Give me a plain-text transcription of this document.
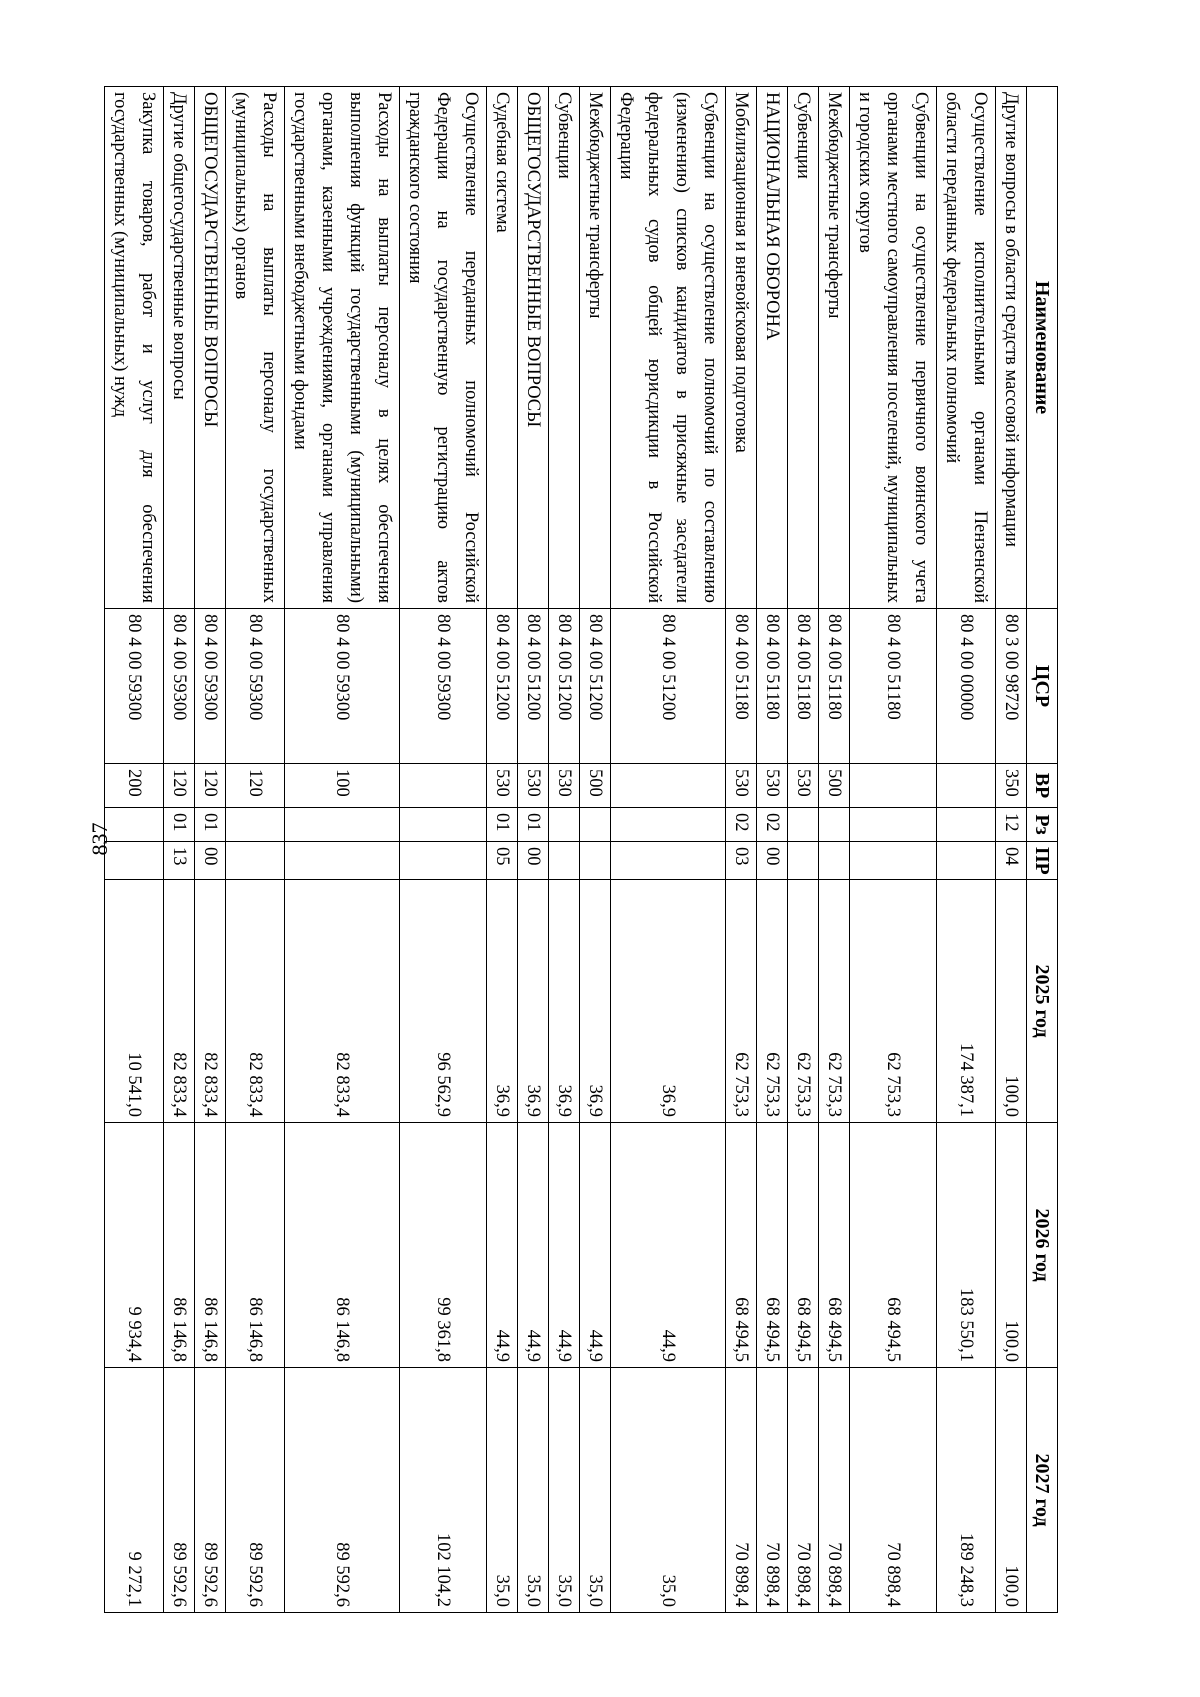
837
Наименование	ЦСР	ВР	Рз	ПР	2025 год	2026 год	2027 год
Другие вопросы в области средств массовой информации	80 3 00 98720	350	12	04	100,0	100,0	100,0
Осуществление исполнительными органами Пензенской области переданных федеральных полномочий	80 4 00 00000				174 387,1	183 550,1	189 248,3
Субвенции на осуществление первичного воинского учета органами местного самоуправления поселений, муниципальных и городских округов	80 4 00 51180				62 753,3	68 494,5	70 898,4
Межбюджетные трансферты	80 4 00 51180	500			62 753,3	68 494,5	70 898,4
Субвенции	80 4 00 51180	530			62 753,3	68 494,5	70 898,4
НАЦИОНАЛЬНАЯ ОБОРОНА	80 4 00 51180	530	02	00	62 753,3	68 494,5	70 898,4
Мобилизационная и вневойсковая подготовка	80 4 00 51180	530	02	03	62 753,3	68 494,5	70 898,4
Субвенции на осуществление полномочий по составлению (изменению) списков кандидатов в присяжные заседатели федеральных судов общей юрисдикции в Российской Федерации	80 4 00 51200				36,9	44,9	35,0
Межбюджетные трансферты	80 4 00 51200	500			36,9	44,9	35,0
Субвенции	80 4 00 51200	530			36,9	44,9	35,0
ОБЩЕГОСУДАРСТВЕННЫЕ ВОПРОСЫ	80 4 00 51200	530	01	00	36,9	44,9	35,0
Судебная система	80 4 00 51200	530	01	05	36,9	44,9	35,0
Осуществление переданных полномочий Российской Федерации на государственную регистрацию актов гражданского состояния	80 4 00 59300				96 562,9	99 361,8	102 104,2
Расходы на выплаты персоналу в целях обеспечения выполнения функций государственными (муниципальными) органами, казенными учреждениями, органами управления государственными внебюджетными фондами	80 4 00 59300	100			82 833,4	86 146,8	89 592,6
Расходы на выплаты персоналу государственных (муниципальных) органов	80 4 00 59300	120			82 833,4	86 146,8	89 592,6
ОБЩЕГОСУДАРСТВЕННЫЕ ВОПРОСЫ	80 4 00 59300	120	01	00	82 833,4	86 146,8	89 592,6
Другие общегосударственные вопросы	80 4 00 59300	120	01	13	82 833,4	86 146,8	89 592,6
Закупка товаров, работ и услуг для обеспечения государственных (муниципальных) нужд	80 4 00 59300	200			10 541,0	9 934,4	9 272,1
